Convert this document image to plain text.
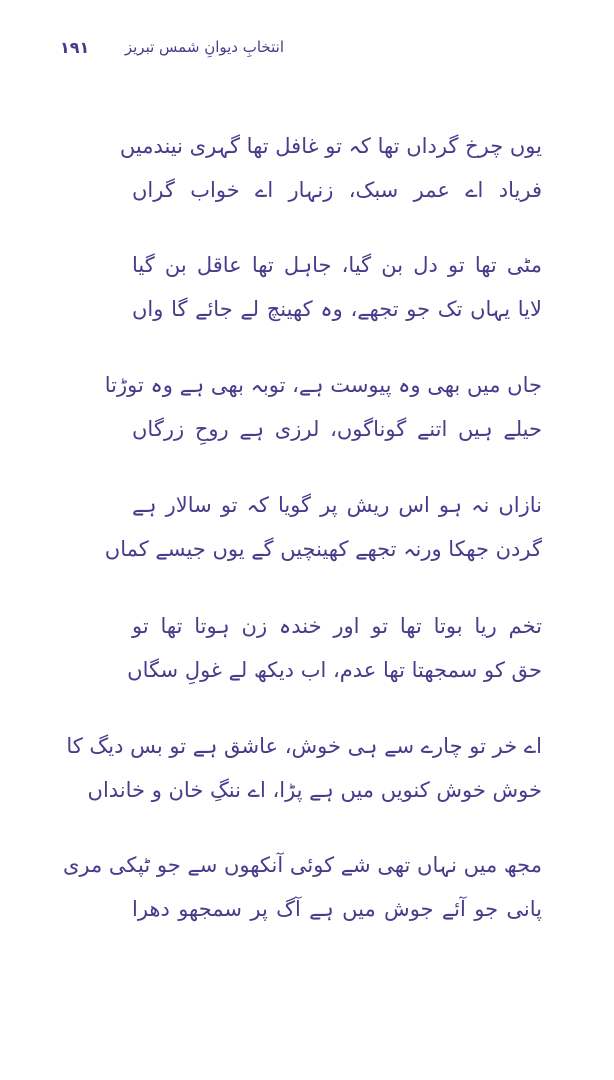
۱۹۱ انتخابِ دیوانِ شمس تبریز
یوں چرخ گرداں تھا کہ تو غافل تھا گہری نیندمیں
فریاد اے عمر سبک، زنہار اے خواب گراں
مٹی تھا تو دل بن گیا، جاہل تھا عاقل بن گیا
لایا یہاں تک جو تجھے، وہ کھینچ لے جائے گا واں
جاں میں بھی وہ پیوست ہے، توبہ بھی ہے وہ توڑتا
حیلے ہیں اتنے گوناگوں، لرزی ہے روحِ زرگاں
نازاں نہ ہو اس ریش پر گویا کہ تو سالار ہے
گردن جھکا ورنہ تجھے کھینچیں گے یوں جیسے کماں
تخم ریا بوتا تھا تو اور خندہ زن ہوتا تھا تو
حق کو سمجھتا تھا عدم، اب دیکھ لے غولِ سگاں
اے خر تو چارے سے ہی خوش، عاشق ہے تو بس دیگ کا
خوش خوش کنویں میں ہے پڑا، اے ننگِ خان و خانداں
مجھ میں نہاں تھی شے کوئی آنکھوں سے جو ٹپکی مری
پانی جو آئے جوش میں ہے آگ پر سمجھو دھرا
